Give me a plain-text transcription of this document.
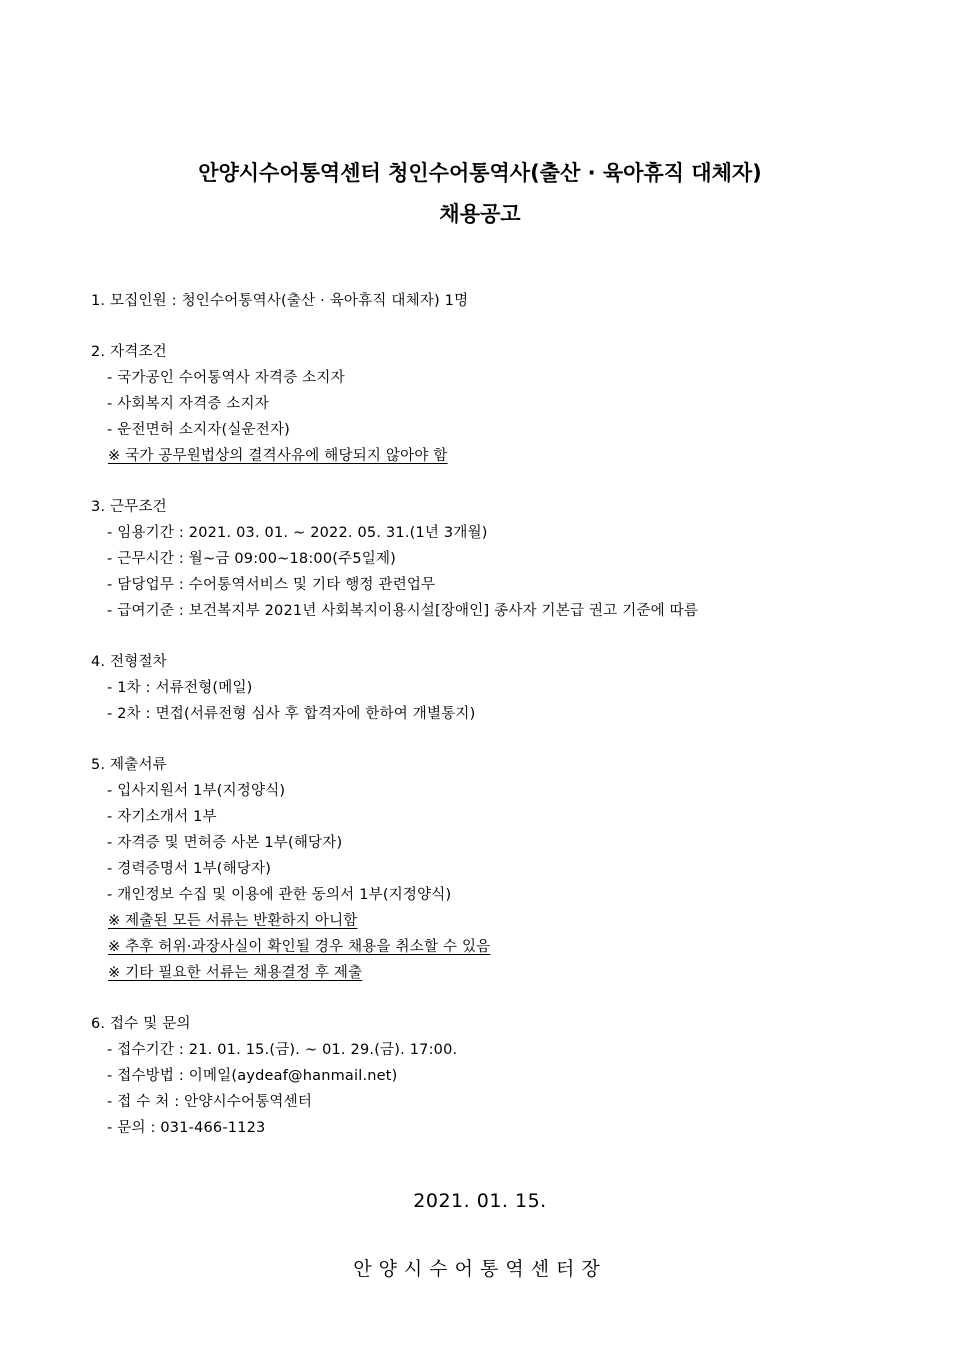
안양시수어통역센터 청인수어통역사(출산 · 육아휴직 대체자)
채용공고
1. 모집인원 : 청인수어통역사(출산 · 육아휴직 대체자) 1명
2. 자격조건
- 국가공인 수어통역사 자격증 소지자
- 사회복지 자격증 소지자
- 운전면허 소지자(실운전자)
※ 국가 공무원법상의 결격사유에 해당되지 않아야 함
3. 근무조건
- 임용기간 : 2021. 03. 01. ~ 2022. 05. 31.(1년 3개월)
- 근무시간 : 월~금 09:00~18:00(주5일제)
- 담당업무 : 수어통역서비스 및 기타 행정 관련업무
- 급여기준 : 보건복지부 2021년 사회복지이용시설[장애인] 종사자 기본급 권고 기준에 따름
4. 전형절차
- 1차 : 서류전형(메일)
- 2차 : 면접(서류전형 심사 후 합격자에 한하여 개별통지)
5. 제출서류
- 입사지원서 1부(지정양식)
- 자기소개서 1부
- 자격증 및 면허증 사본 1부(해당자)
- 경력증명서 1부(해당자)
- 개인정보 수집 및 이용에 관한 동의서 1부(지정양식)
※ 제출된 모든 서류는 반환하지 아니함
※ 추후 허위·과장사실이 확인될 경우 채용을 취소할 수 있음
※ 기타 필요한 서류는 채용결정 후 제출
6. 접수 및 문의
- 접수기간 : 21. 01. 15.(금). ~ 01. 29.(금). 17:00.
- 접수방법 : 이메일(aydeaf@hanmail.net)
- 접 수 처 : 안양시수어통역센터
- 문의 : 031-466-1123
2021. 01. 15.
안양시수어통역센터장
